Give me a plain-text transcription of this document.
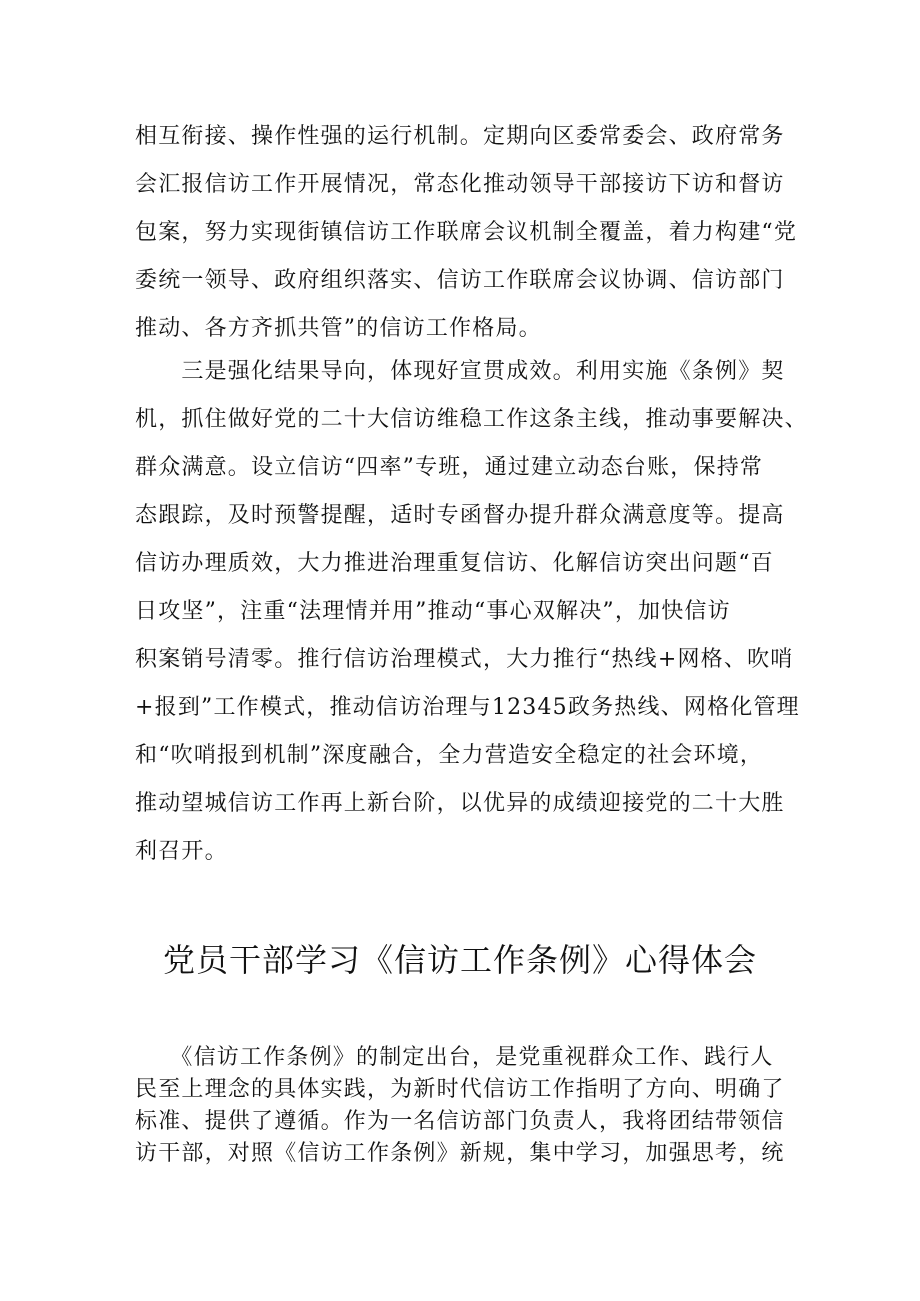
相互衔接、操作性强的运行机制。定期向区委常委会、政府常务
会汇报信访工作开展情况，常态化推动领导干部接访下访和督访
包案，努力实现街镇信访工作联席会议机制全覆盖，着力构建“党
委统一领导、政府组织落实、信访工作联席会议协调、信访部门
推动、各方齐抓共管”的信访工作格局。
　　三是强化结果导向，体现好宣贯成效。利用实施《条例》契
机，抓住做好党的二十大信访维稳工作这条主线，推动事要解决、
群众满意。设立信访“四率”专班，通过建立动态台账，保持常
态跟踪，及时预警提醒，适时专函督办提升群众满意度等。提高
信访办理质效，大力推进治理重复信访、化解信访突出问题“百
日攻坚”，注重“法理情并用”推动“事心双解决”，加快信访
积案销号清零。推行信访治理模式，大力推行“热线+网格、吹哨
+报到”工作模式，推动信访治理与12345政务热线、网格化管理
和“吹哨报到机制”深度融合，全力营造安全稳定的社会环境，
推动望城信访工作再上新台阶，以优异的成绩迎接党的二十大胜
利召开。
党员干部学习《信访工作条例》心得体会
　　《信访工作条例》的制定出台，是党重视群众工作、践行人
民至上理念的具体实践，为新时代信访工作指明了方向、明确了
标准、提供了遵循。作为一名信访部门负责人，我将团结带领信
访干部，对照《信访工作条例》新规，集中学习，加强思考，统
